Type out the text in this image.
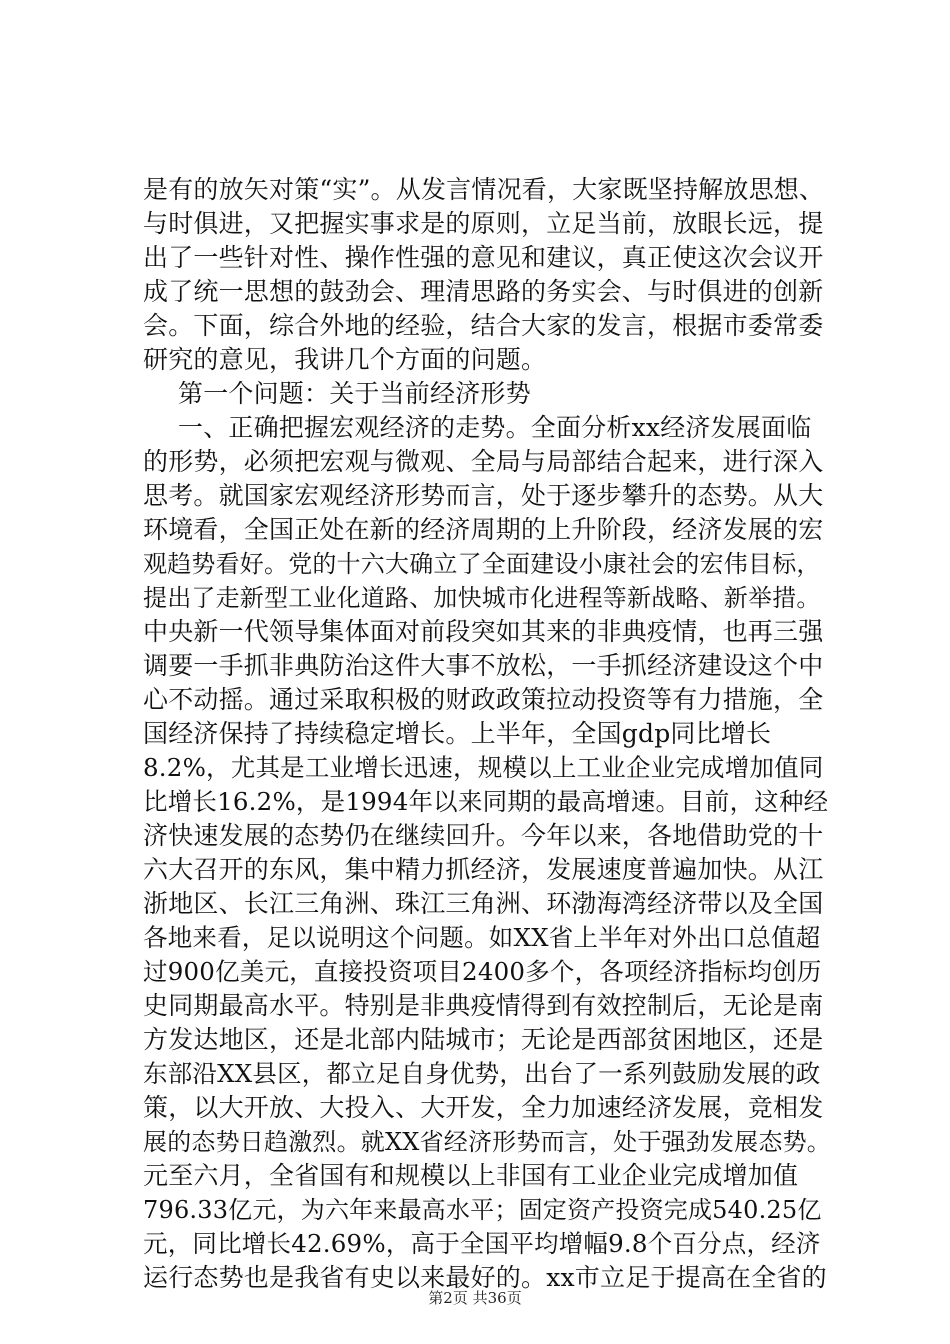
是有的放矢对策“实”。从发言情况看，大家既坚持解放思想、
与时俱进，又把握实事求是的原则，立足当前，放眼长远，提
出了一些针对性、操作性强的意见和建议，真正使这次会议开
成了统一思想的鼓劲会、理清思路的务实会、与时俱进的创新
会。下面，综合外地的经验，结合大家的发言，根据市委常委
研究的意见，我讲几个方面的问题。
第一个问题：关于当前经济形势
一、正确把握宏观经济的走势。全面分析xx经济发展面临
的形势，必须把宏观与微观、全局与局部结合起来，进行深入
思考。就国家宏观经济形势而言，处于逐步攀升的态势。从大
环境看，全国正处在新的经济周期的上升阶段，经济发展的宏
观趋势看好。党的十六大确立了全面建设小康社会的宏伟目标，
提出了走新型工业化道路、加快城市化进程等新战略、新举措。
中央新一代领导集体面对前段突如其来的非典疫情，也再三强
调要一手抓非典防治这件大事不放松，一手抓经济建设这个中
心不动摇。通过采取积极的财政政策拉动投资等有力措施，全
国经济保持了持续稳定增长。上半年，全国gdp同比增长
8.2%，尤其是工业增长迅速，规模以上工业企业完成增加值同
比增长16.2%，是1994年以来同期的最高增速。目前，这种经
济快速发展的态势仍在继续回升。今年以来，各地借助党的十
六大召开的东风，集中精力抓经济，发展速度普遍加快。从江
浙地区、长江三角洲、珠江三角洲、环渤海湾经济带以及全国
各地来看，足以说明这个问题。如XX省上半年对外出口总值超
过900亿美元，直接投资项目2400多个，各项经济指标均创历
史同期最高水平。特别是非典疫情得到有效控制后，无论是南
方发达地区，还是北部内陆城市；无论是西部贫困地区，还是
东部沿XX县区，都立足自身优势，出台了一系列鼓励发展的政
策，以大开放、大投入、大开发，全力加速经济发展，竞相发
展的态势日趋激烈。就XX省经济形势而言，处于强劲发展态势。
元至六月，全省国有和规模以上非国有工业企业完成增加值
796.33亿元，为六年来最高水平；固定资产投资完成540.25亿
元，同比增长42.69%，高于全国平均增幅9.8个百分点，经济
运行态势也是我省有史以来最好的。xx市立足于提高在全省的
第2页 共36页
